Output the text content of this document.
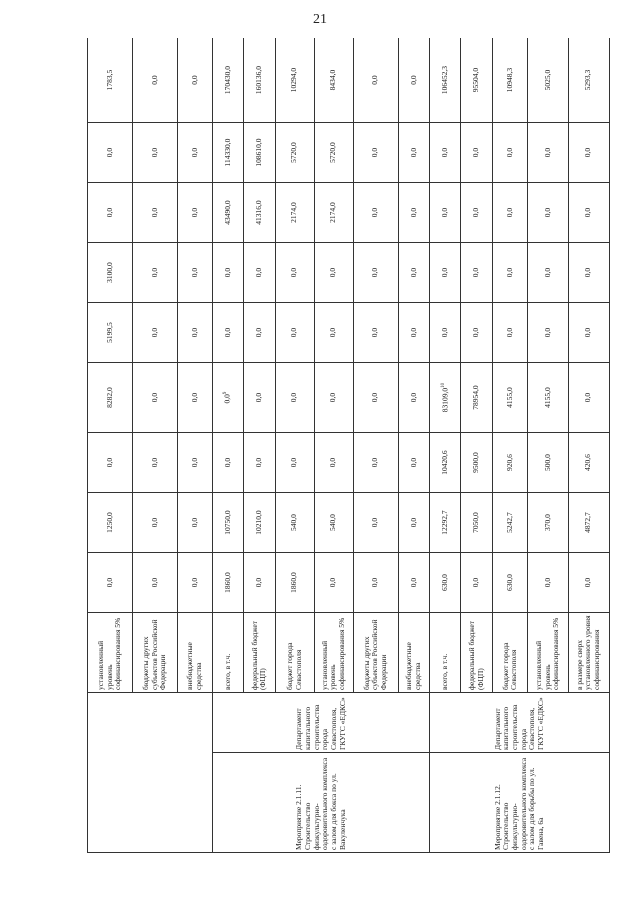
21
		установленный уровень софинансирования 5%	0,0	1250,0	0,0	8282,0	5199,5	3100,0	0,0	0,0	1783,5
		бюджеты других субъектов Российской Федерации	0,0	0,0	0,0	0,0	0,0	0,0	0,0	0,0	0,0
		внебюджетные средства	0,0	0,0	0,0	0,0	0,0	0,0	0,0	0,0	0,0
Мероприятие 2.1.11. Строительство физкультурно-оздоровительного комплекса с залом для бокса по ул. Вакуленчука	Департамент капитального строительства города Севастополя, ГКУГС «ЕДКС»	всего, в т.ч.	1860,0	10750,0	0,0	$0,0^9$	0,0	0,0	43490,0	114330,0	170430,0
		федеральный бюджет (ФЦП)	0,0	10210,0	0,0	0,0	0,0	0,0	41316,0	108610,0	160136,0
		бюджет города Севастополя	1860,0	540,0	0,0	0,0	0,0	0,0	2174,0	5720,0	10294,0
		установленный уровень софинансирования 5%	0,0	540,0	0,0	0,0	0,0	0,0	2174,0	5720,0	8434,0
		бюджеты других субъектов Российской Федерации	0,0	0,0	0,0	0,0	0,0	0,0	0,0	0,0	0,0
		внебюджетные средства	0,0	0,0	0,0	0,0	0,0	0,0	0,0	0,0	0,0
Мероприятие 2.1.12. Строительство физкультурно-оздоровительного комплекса с залом для борьбы по ул. Гавена, 6а	Департамент капитального строительства города Севастополя, ГКУГС «ЕДКС»	всего, в т.ч.	630,0	12292,7	10420,6	83109,0$^{10}$	0,0	0,0	0,0	0,0	106452,3
		федеральный бюджет (ФЦП)	0,0	7050,0	9500,0	78954,0	0,0	0,0	0,0	0,0	95504,0
		бюджет города Севастополя	630,0	5242,7	920,6	4155,0	0,0	0,0	0,0	0,0	10948,3
		установленный уровень софинансирования 5%	0,0	370,0	500,0	4155,0	0,0	0,0	0,0	0,0	5025,0
		в размере сверх установленного уровня софинансирования	0,0	4872,7	420,6	0,0	0,0	0,0	0,0	0,0	5293,3
